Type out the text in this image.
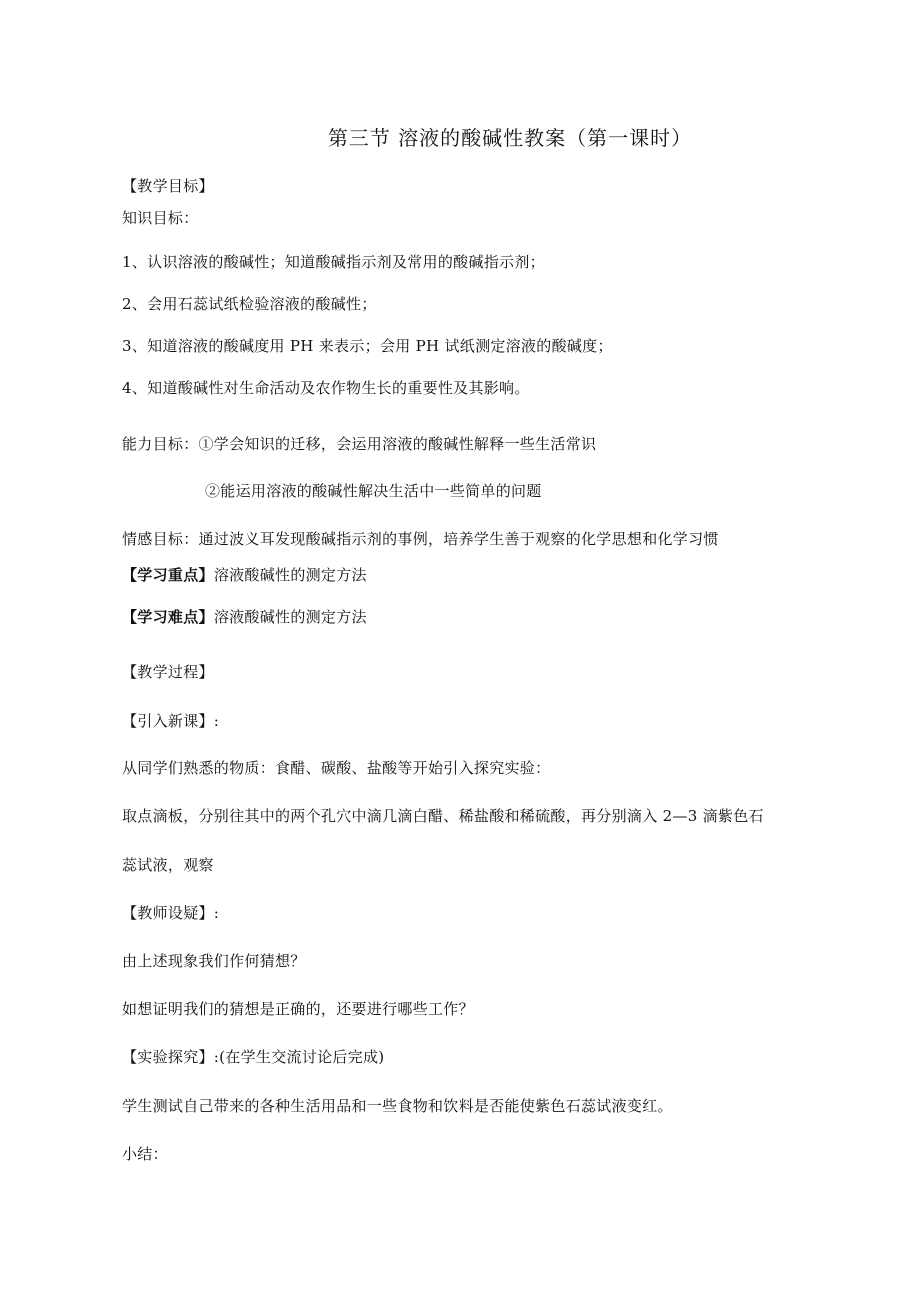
第三节 溶液的酸碱性教案（第一课时）
【教学目标】
知识目标：
1、认识溶液的酸碱性；知道酸碱指示剂及常用的酸碱指示剂；
2、会用石蕊试纸检验溶液的酸碱性；
3、知道溶液的酸碱度用 PH 来表示；会用 PH 试纸测定溶液的酸碱度；
4、知道酸碱性对生命活动及农作物生长的重要性及其影响。
能力目标：①学会知识的迁移，会运用溶液的酸碱性解释一些生活常识
②能运用溶液的酸碱性解决生活中一些简单的问题
情感目标：通过波义耳发现酸碱指示剂的事例，培养学生善于观察的化学思想和化学习惯
【学习重点】溶液酸碱性的测定方法
【学习难点】溶液酸碱性的测定方法
【教学过程】
【引入新课】:
从同学们熟悉的物质：食醋、碳酸、盐酸等开始引入探究实验：
取点滴板，分别往其中的两个孔穴中滴几滴白醋、稀盐酸和稀硫酸，再分别滴入 2—3 滴紫色石
蕊试液，观察
【教师设疑】:
由上述现象我们作何猜想？
如想证明我们的猜想是正确的，还要进行哪些工作？
【实验探究】:(在学生交流讨论后完成)
学生测试自己带来的各种生活用品和一些食物和饮料是否能使紫色石蕊试液变红。
小结：
